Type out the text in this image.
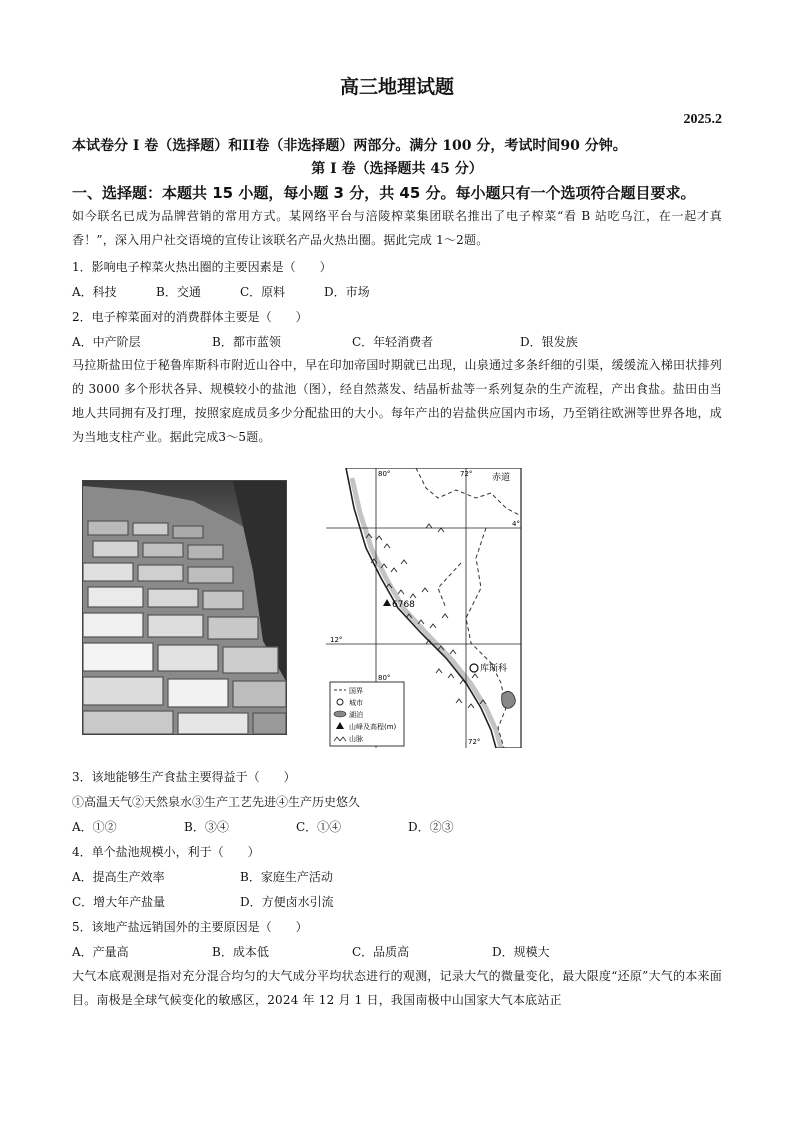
高三地理试题
2025.2
本试卷分 I 卷（选择题）和II卷（非选择题）两部分。满分 100 分，考试时间90 分钟。
第 I 卷（选择题共 45 分）
一、选择题：本题共 15 小题，每小题 3 分，共 45 分。每小题只有一个选项符合题目要求。
如今联名已成为品牌营销的常用方式。某网络平台与涪陵榨菜集团联名推出了电子榨菜“看 B 站吃乌江，在一起才真香！”，深入用户社交语境的宣传让该联名产品火热出圈。据此完成 1～2题。
1．影响电子榨菜火热出圈的主要因素是（　　）
A．科技	B．交通	C．原料	D．市场
2．电子榨菜面对的消费群体主要是（　　）
A．中产阶层	B．都市蓝领	C．年轻消费者	D．银发族
马拉斯盐田位于秘鲁库斯科市附近山谷中，早在印加帝国时期就已出现，山泉通过多条纤细的引渠，缓缓流入梯田状排列的 3000 多个形状各异、规模较小的盐池（图），经自然蒸发、结晶析盐等一系列复杂的生产流程，产出食盐。盐田由当地人共同拥有及打理，按照家庭成员多少分配盐田的大小。每年产出的岩盐供应国内市场，乃至销往欧洲等世界各地，成为当地支柱产业。据此完成3～5题。
6768
库斯科
赤道
4°
12°
80°	72°
80°
72°
国界
城市
湖泊
山峰及高程(m)
山脉
3．该地能够生产食盐主要得益于（　　）
①高温天气②天然泉水③生产工艺先进④生产历史悠久
A．①②	B．③④	C．①④	D．②③
4．单个盐池规模小，利于（　　）
A．提高生产效率	B．家庭生产活动
C．增大年产盐量	D．方便卤水引流
5．该地产盐远销国外的主要原因是（　　）
A．产量高	B．成本低	C．品质高	D．规模大
大气本底观测是指对充分混合均匀的大气成分平均状态进行的观测，记录大气的微量变化，最大限度“还原”大气的本来面目。南极是全球气候变化的敏感区，2024 年 12 月 1 日，我国南极中山国家大气本底站正
